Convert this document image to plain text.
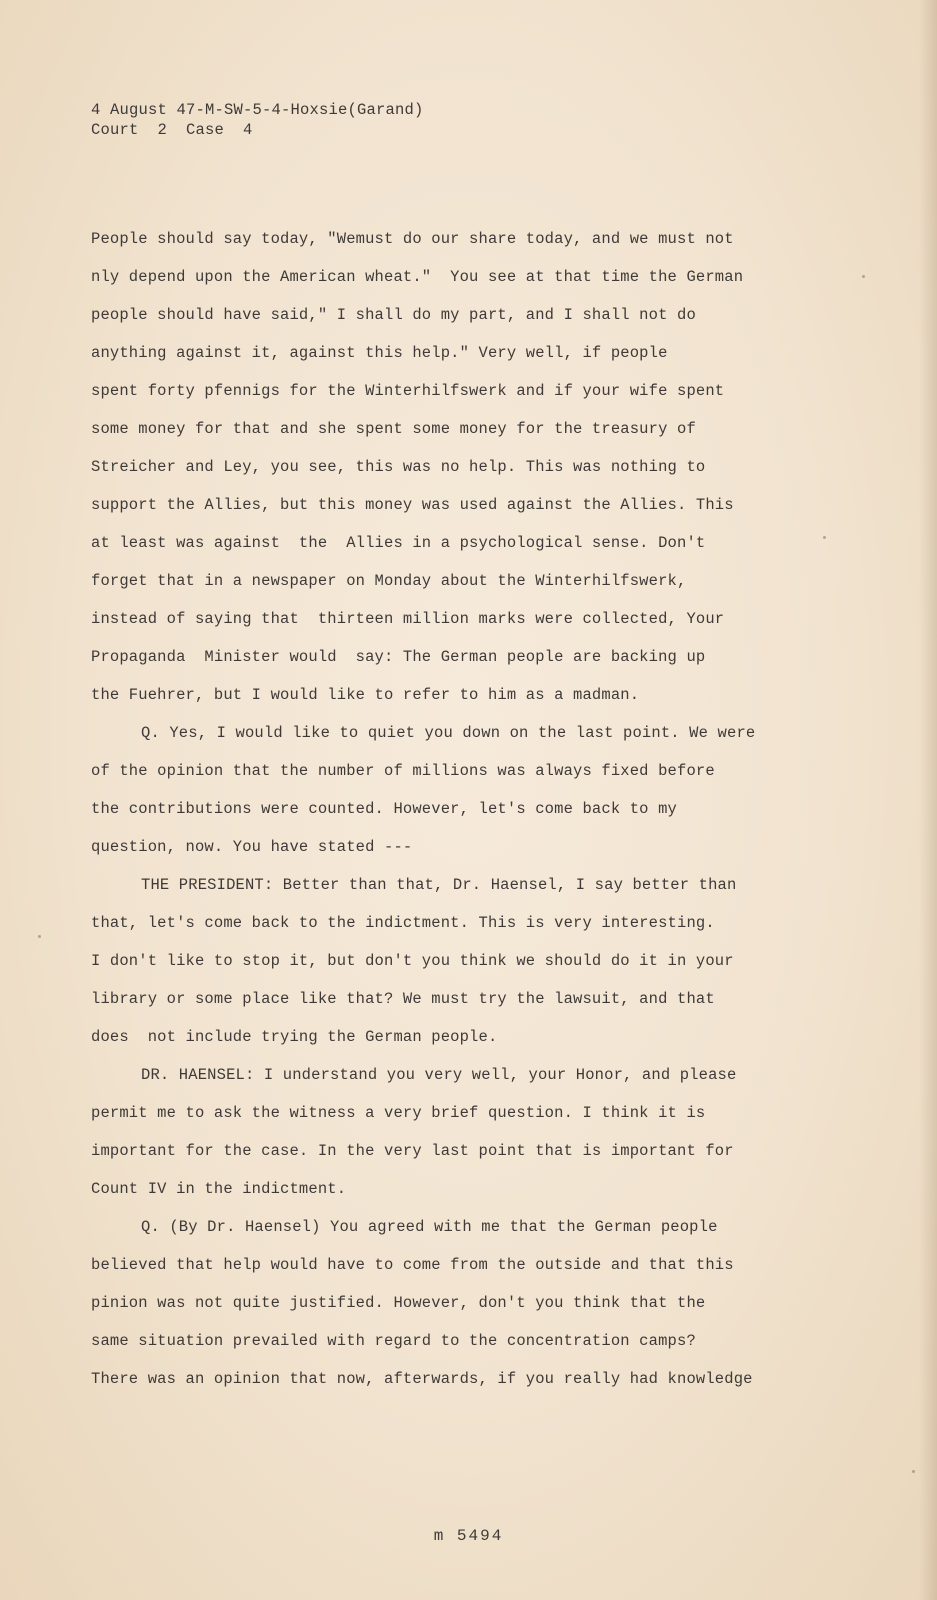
4 August 47-M-SW-5-4-Hoxsie(Garand)
Court  2  Case  4
People should say today, "Wemust do our share today, and we must not
nly depend upon the American wheat."  You see at that time the German
people should have said," I shall do my part, and I shall not do
anything against it, against this help." Very well, if people
spent forty pfennigs for the Winterhilfswerk and if your wife spent
some money for that and she spent some money for the treasury of
Streicher and Ley, you see, this was no help. This was nothing to
support the Allies, but this money was used against the Allies. This
at least was against  the  Allies in a psychological sense. Don't
forget that in a newspaper on Monday about the Winterhilfswerk,
instead of saying that  thirteen million marks were collected, Your
Propaganda  Minister would  say: The German people are backing up
the Fuehrer, but I would like to refer to him as a madman.
Q. Yes, I would like to quiet you down on the last point. We were
of the opinion that the number of millions was always fixed before
the contributions were counted. However, let's come back to my
question, now. You have stated ---
THE PRESIDENT: Better than that, Dr. Haensel, I say better than
that, let's come back to the indictment. This is very interesting.
I don't like to stop it, but don't you think we should do it in your
library or some place like that? We must try the lawsuit, and that
does  not include trying the German people.
DR. HAENSEL: I understand you very well, your Honor, and please
permit me to ask the witness a very brief question. I think it is
important for the case. In the very last point that is important for
Count IV in the indictment.
Q. (By Dr. Haensel) You agreed with me that the German people
believed that help would have to come from the outside and that this
pinion was not quite justified. However, don't you think that the
same situation prevailed with regard to the concentration camps?
There was an opinion that now, afterwards, if you really had knowledge
m 5494
